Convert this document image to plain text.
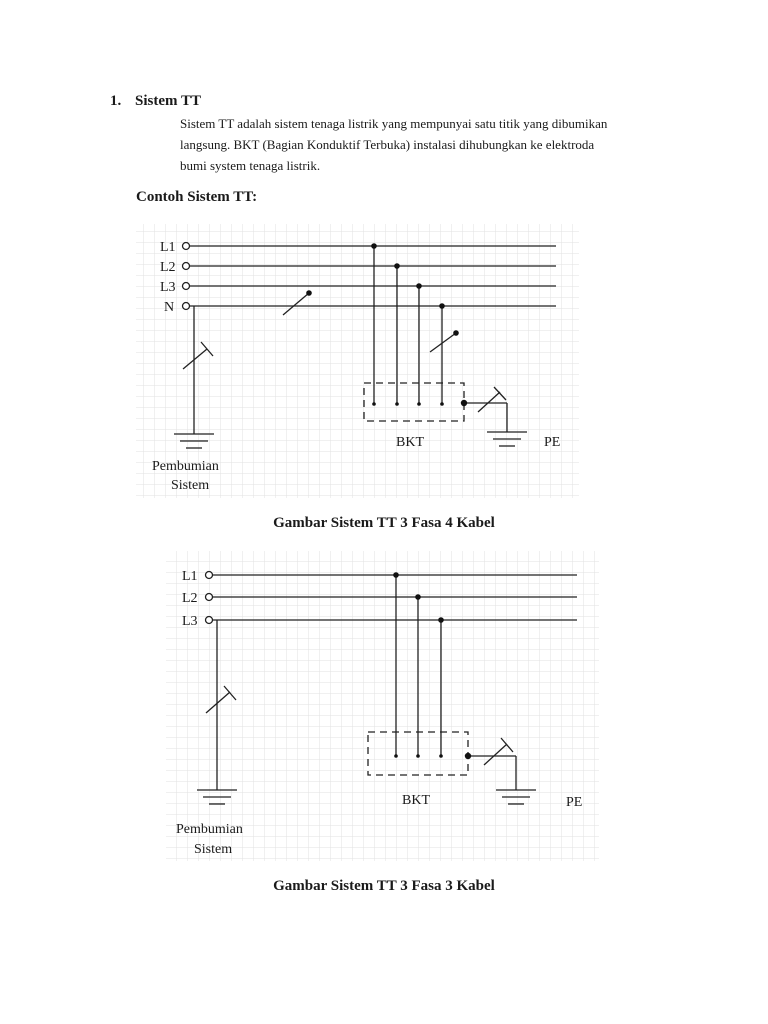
1. Sistem TT

Sistem TT adalah sistem tenaga listrik yang mempunyai satu titik yang dibumikan
langsung. BKT (Bagian Konduktif Terbuka) instalasi dihubungkan ke elektroda
bumi system tenaga listrik.

Contoh Sistem TT:
L1
L2
L3
N
BKT	PE
Pembumian
Sistem
L1
L2
L3
BKT	PE
Pembumian
Sistem
Gambar Sistem TT 3 Fasa 4 Kabel
Gambar Sistem TT 3 Fasa 3 Kabel
